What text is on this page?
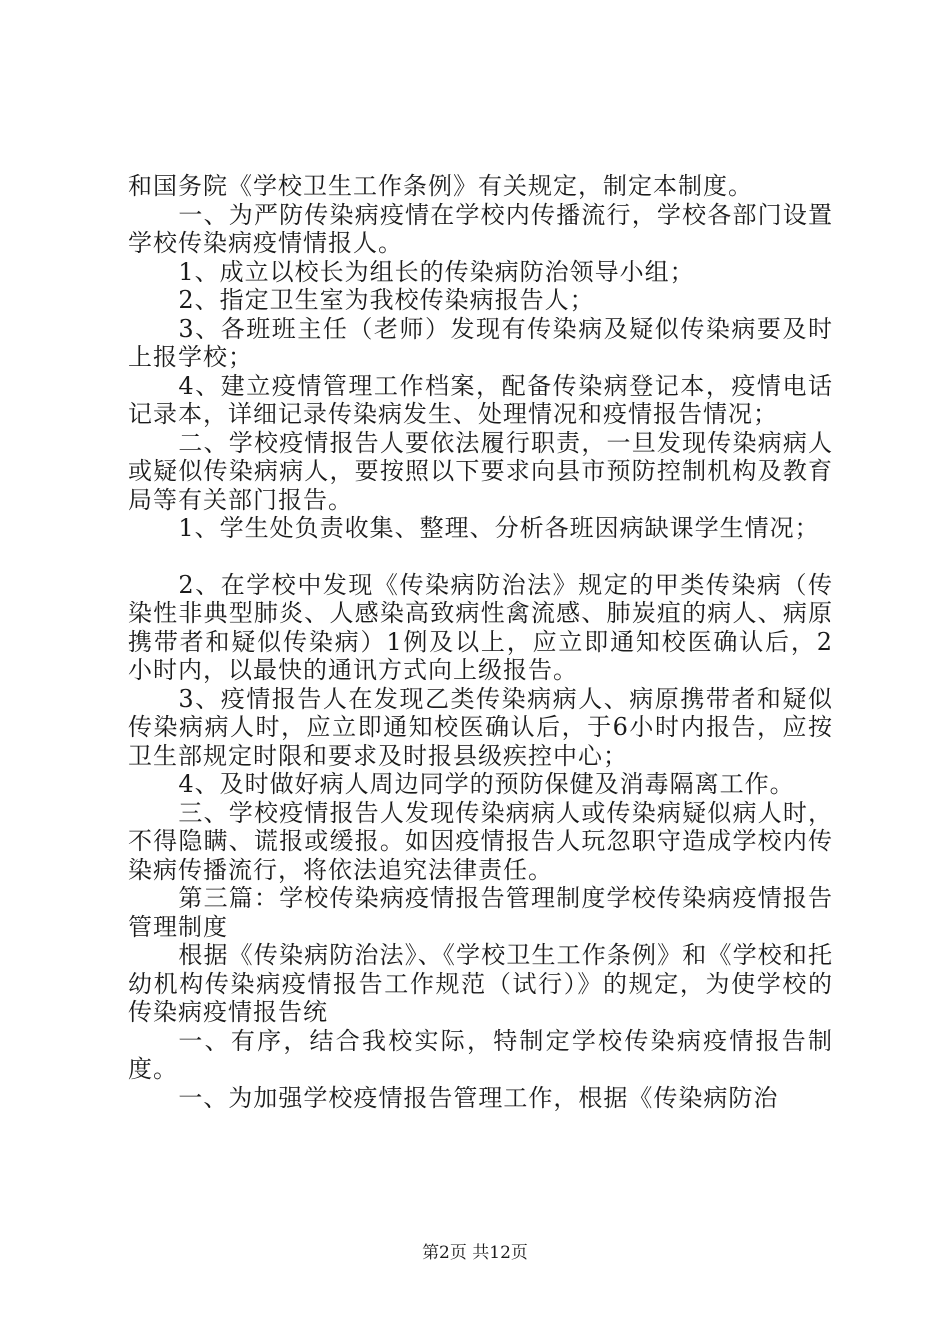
和国务院《学校卫生工作条例》有关规定，制定本制度。

一、为严防传染病疫情在学校内传播流行，学校各部门设置学校传染病疫情情报人。

1、成立以校长为组长的传染病防治领导小组；

2、指定卫生室为我校传染病报告人；

3、各班班主任（老师）发现有传染病及疑似传染病要及时上报学校；

4、建立疫情管理工作档案，配备传染病登记本，疫情电话记录本，详细记录传染病发生、处理情况和疫情报告情况；

二、学校疫情报告人要依法履行职责，一旦发现传染病病人或疑似传染病病人，要按照以下要求向县市预防控制机构及教育局等有关部门报告。

1、学生处负责收集、整理、分析各班因病缺课学生情况；

2、在学校中发现《传染病防治法》规定的甲类传染病（传染性非典型肺炎、人感染高致病性禽流感、肺炭疽的病人、病原携带者和疑似传染病）1例及以上，应立即通知校医确认后，2小时内，以最快的通讯方式向上级报告。

3、疫情报告人在发现乙类传染病病人、病原携带者和疑似传染病病人时，应立即通知校医确认后，于6小时内报告，应按卫生部规定时限和要求及时报县级疾控中心；

4、及时做好病人周边同学的预防保健及消毒隔离工作。

三、学校疫情报告人发现传染病病人或传染病疑似病人时，不得隐瞒、谎报或缓报。如因疫情报告人玩忽职守造成学校内传染病传播流行，将依法追究法律责任。

第三篇：学校传染病疫情报告管理制度学校传染病疫情报告管理制度

根据《传染病防治法》、《学校卫生工作条例》和《学校和托幼机构传染病疫情报告工作规范（试行）》的规定，为使学校的传染病疫情报告统

一、有序，结合我校实际，特制定学校传染病疫情报告制度。

一、为加强学校疫情报告管理工作，根据《传染病防治

第2页 共12页
